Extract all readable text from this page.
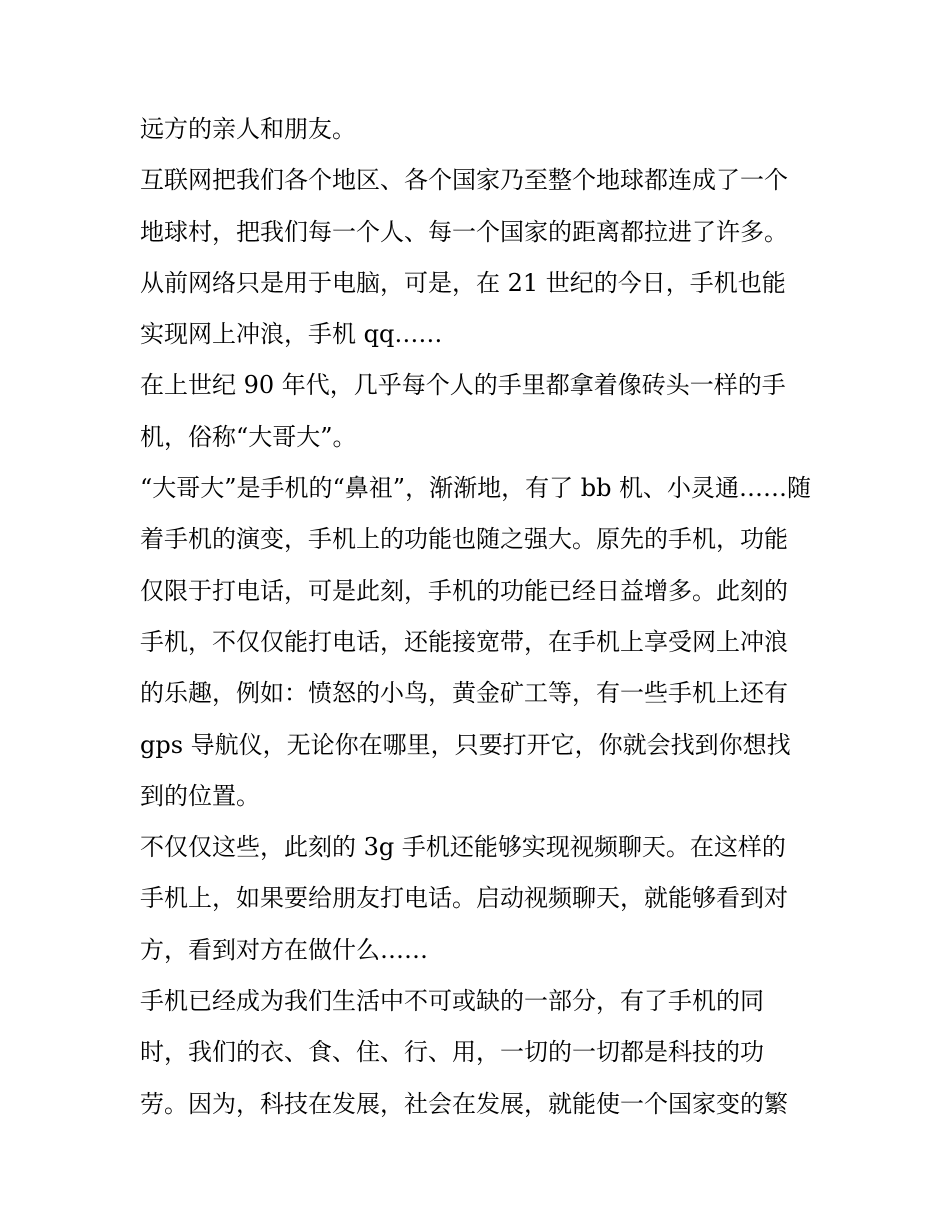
远方的亲人和朋友。
互联网把我们各个地区、各个国家乃至整个地球都连成了一个
地球村，把我们每一个人、每一个国家的距离都拉进了许多。
从前网络只是用于电脑，可是，在 21 世纪的今日，手机也能
实现网上冲浪，手机 qq……
在上世纪 90 年代，几乎每个人的手里都拿着像砖头一样的手
机，俗称“大哥大”。
“大哥大”是手机的“鼻祖”，渐渐地，有了 bb 机、小灵通……随
着手机的演变，手机上的功能也随之强大。原先的手机，功能
仅限于打电话，可是此刻，手机的功能已经日益增多。此刻的
手机，不仅仅能打电话，还能接宽带，在手机上享受网上冲浪
的乐趣，例如：愤怒的小鸟，黄金矿工等，有一些手机上还有
gps 导航仪，无论你在哪里，只要打开它，你就会找到你想找
到的位置。
不仅仅这些，此刻的 3g 手机还能够实现视频聊天。在这样的
手机上，如果要给朋友打电话。启动视频聊天，就能够看到对
方，看到对方在做什么……
手机已经成为我们生活中不可或缺的一部分，有了手机的同
时，我们的衣、食、住、行、用，一切的一切都是科技的功
劳。因为，科技在发展，社会在发展，就能使一个国家变的繁
